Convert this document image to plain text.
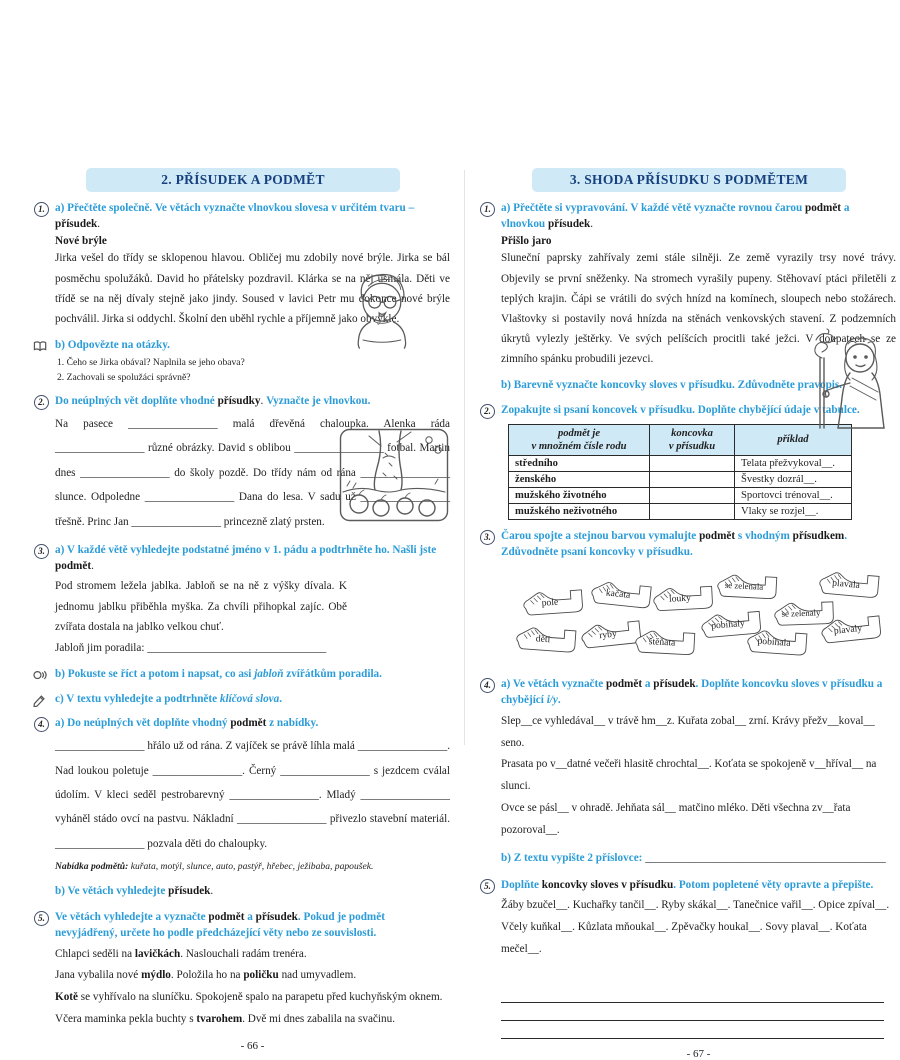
2. PŘÍSUDEK A PODMĚT
1. a) Přečtěte společně. Ve větách vyznačte vlnovkou slovesa v určitém tvaru – přísudek.
Nové brýle
Jirka vešel do třídy se sklopenou hlavou. Obličej mu zdobily nové brýle. Jirka se bál posměchu spolužáků. David ho přátelsky pozdravil. Klárka se na něj usmála. Děti ve třídě se na něj dívaly stejně jako jindy. Soused v lavici Petr mu dokonce nové brýle pochválil. Jirka si oddychl. Školní den uběhl rychle a příjemně jako obvykle.
b) Odpovězte na otázky.
1. Čeho se Jirka obával? Naplnila se jeho obava?
2. Zachovali se spolužáci správně?
2. Do neúplných vět doplňte vhodné přísudky. Vyznačte je vlnovkou.
Na pasece ________________ malá dřevěná chaloupka. Alenka ráda ________________ různé obrázky. David s oblibou ________________ fotbal. Martin dnes ________________ do školy pozdě. Do třídy nám od rána ________________ slunce. Odpoledne ________________ Dana do lesa. V sadu už ________________ třešně. Princ Jan ________________ princezně zlatý prsten.
3. a) V každé větě vyhledejte podstatné jméno v 1. pádu a podtrhněte ho. Našli jste podmět.
Pod stromem ležela jablka. Jabloň se na ně z výšky dívala. K jednomu jablku přiběhla myška. Za chvíli přihopkal zajíc. Obě zvířata dostala na jablko velkou chuť.
Jabloň jim poradila: ________________________________
b) Pokuste se říct a potom i napsat, co asi jabloň zvířátkům poradila.
c) V textu vyhledejte a podtrhněte klíčová slova.
4. a) Do neúplných vět doplňte vhodný podmět z nabídky.
________________ hřálo už od rána. Z vajíček se právě líhla malá ________________. Nad loukou poletuje ________________. Černý ________________ s jezdcem cválal údolím. V kleci seděl pestrobarevný ________________. Mladý ________________ vyháněl stádo ovcí na pastvu. Nákladní ________________ přivezlo stavební materiál. ________________ pozvala děti do chaloupky.
Nabídka podmětů: kuřata, motýl, slunce, auto, pastýř, hřebec, ježibaba, papoušek.
b) Ve větách vyhledejte přísudek.
5. Ve větách vyhledejte a vyznačte podmět a přísudek. Pokud je podmět nevyjádřený, určete ho podle předcházející věty nebo ze souvislosti.
Chlapci seděli na lavičkách. Naslouchali radám trenéra.
Jana vybalila nové mýdlo. Položila ho na poličku nad umyvadlem.
Kotě se vyhřívalo na sluníčku. Spokojeně spalo na parapetu před kuchyňským oknem.
Včera maminka pekla buchty s tvarohem. Dvě mi dnes zabalila na svačinu.
- 66 -
3. SHODA PŘÍSUDKU S PODMĚTEM
1. a) Přečtěte si vypravování. V každé větě vyznačte rovnou čarou podmět a vlnovkou přísudek.
Přišlo jaro
Sluneční paprsky zahřívaly zemi stále silněji. Ze země vyrazily trsy nové trávy. Objevily se první sněženky. Na stromech vyrašily pupeny. Stěhovaví ptáci přiletěli z teplých krajin. Čápi se vrátili do svých hnízd na komínech, sloupech nebo stožárech. Vlaštovky si postavily nová hnízda na stěnách venkovských stavení. Z podzemních úkrytů vylezly ještěrky. Ve svých pelíšcích procitli také ježci. V doupatech se ze zimního spánku probudili jezevci.
b) Barevně vyznačte koncovky sloves v přísudku. Zdůvodněte pravopis.
2. Zopakujte si psaní koncovek v přísudku. Doplňte chybějící údaje v tabulce.
podmět je
v množném čísle rodu	koncovka
v přísudku	příklad
středního		Telata přežvykoval__.
ženského		Švestky dozrál__.
mužského životného		Sportovci trénoval__.
mužského neživotného		Vlaky se rozjel__.
3. Čarou spojte a stejnou barvou vymalujte podmět s vhodným přísudkem. Zdůvodněte psaní koncovky v přísudku.
pole
kačata	louky
se zelenala
se zelenaly
plavala
pobíhaly
pobíhala
plavaly
děti	ryby
štěňata
4. a) Ve větách vyznačte podmět a přísudek. Doplňte koncovku sloves v přísudku a chybějící i/y.
Slep__ce vyhledával__ v trávě hm__z. Kuřata zobal__ zrní. Krávy přežv__koval__ seno.
Prasata po v__datné večeři hlasitě chrochtal__. Koťata se spokojeně v__hříval__ na slunci.
Ovce se pásl__ v ohradě. Jehňata sál__ matčino mléko. Děti všechna zv__řata pozoroval__.
b) Z textu vypište 2 příslovce: ___________________________________________
5. Doplňte koncovky sloves v přísudku. Potom popletené věty opravte a přepište.
Žáby bzučel__. Kuchařky tančil__. Ryby skákal__. Tanečnice vařil__. Opice zpíval__.
Včely kuňkal__. Kůzlata mňoukal__. Zpěvačky houkal__. Sovy plaval__. Koťata mečel__.
- 67 -
